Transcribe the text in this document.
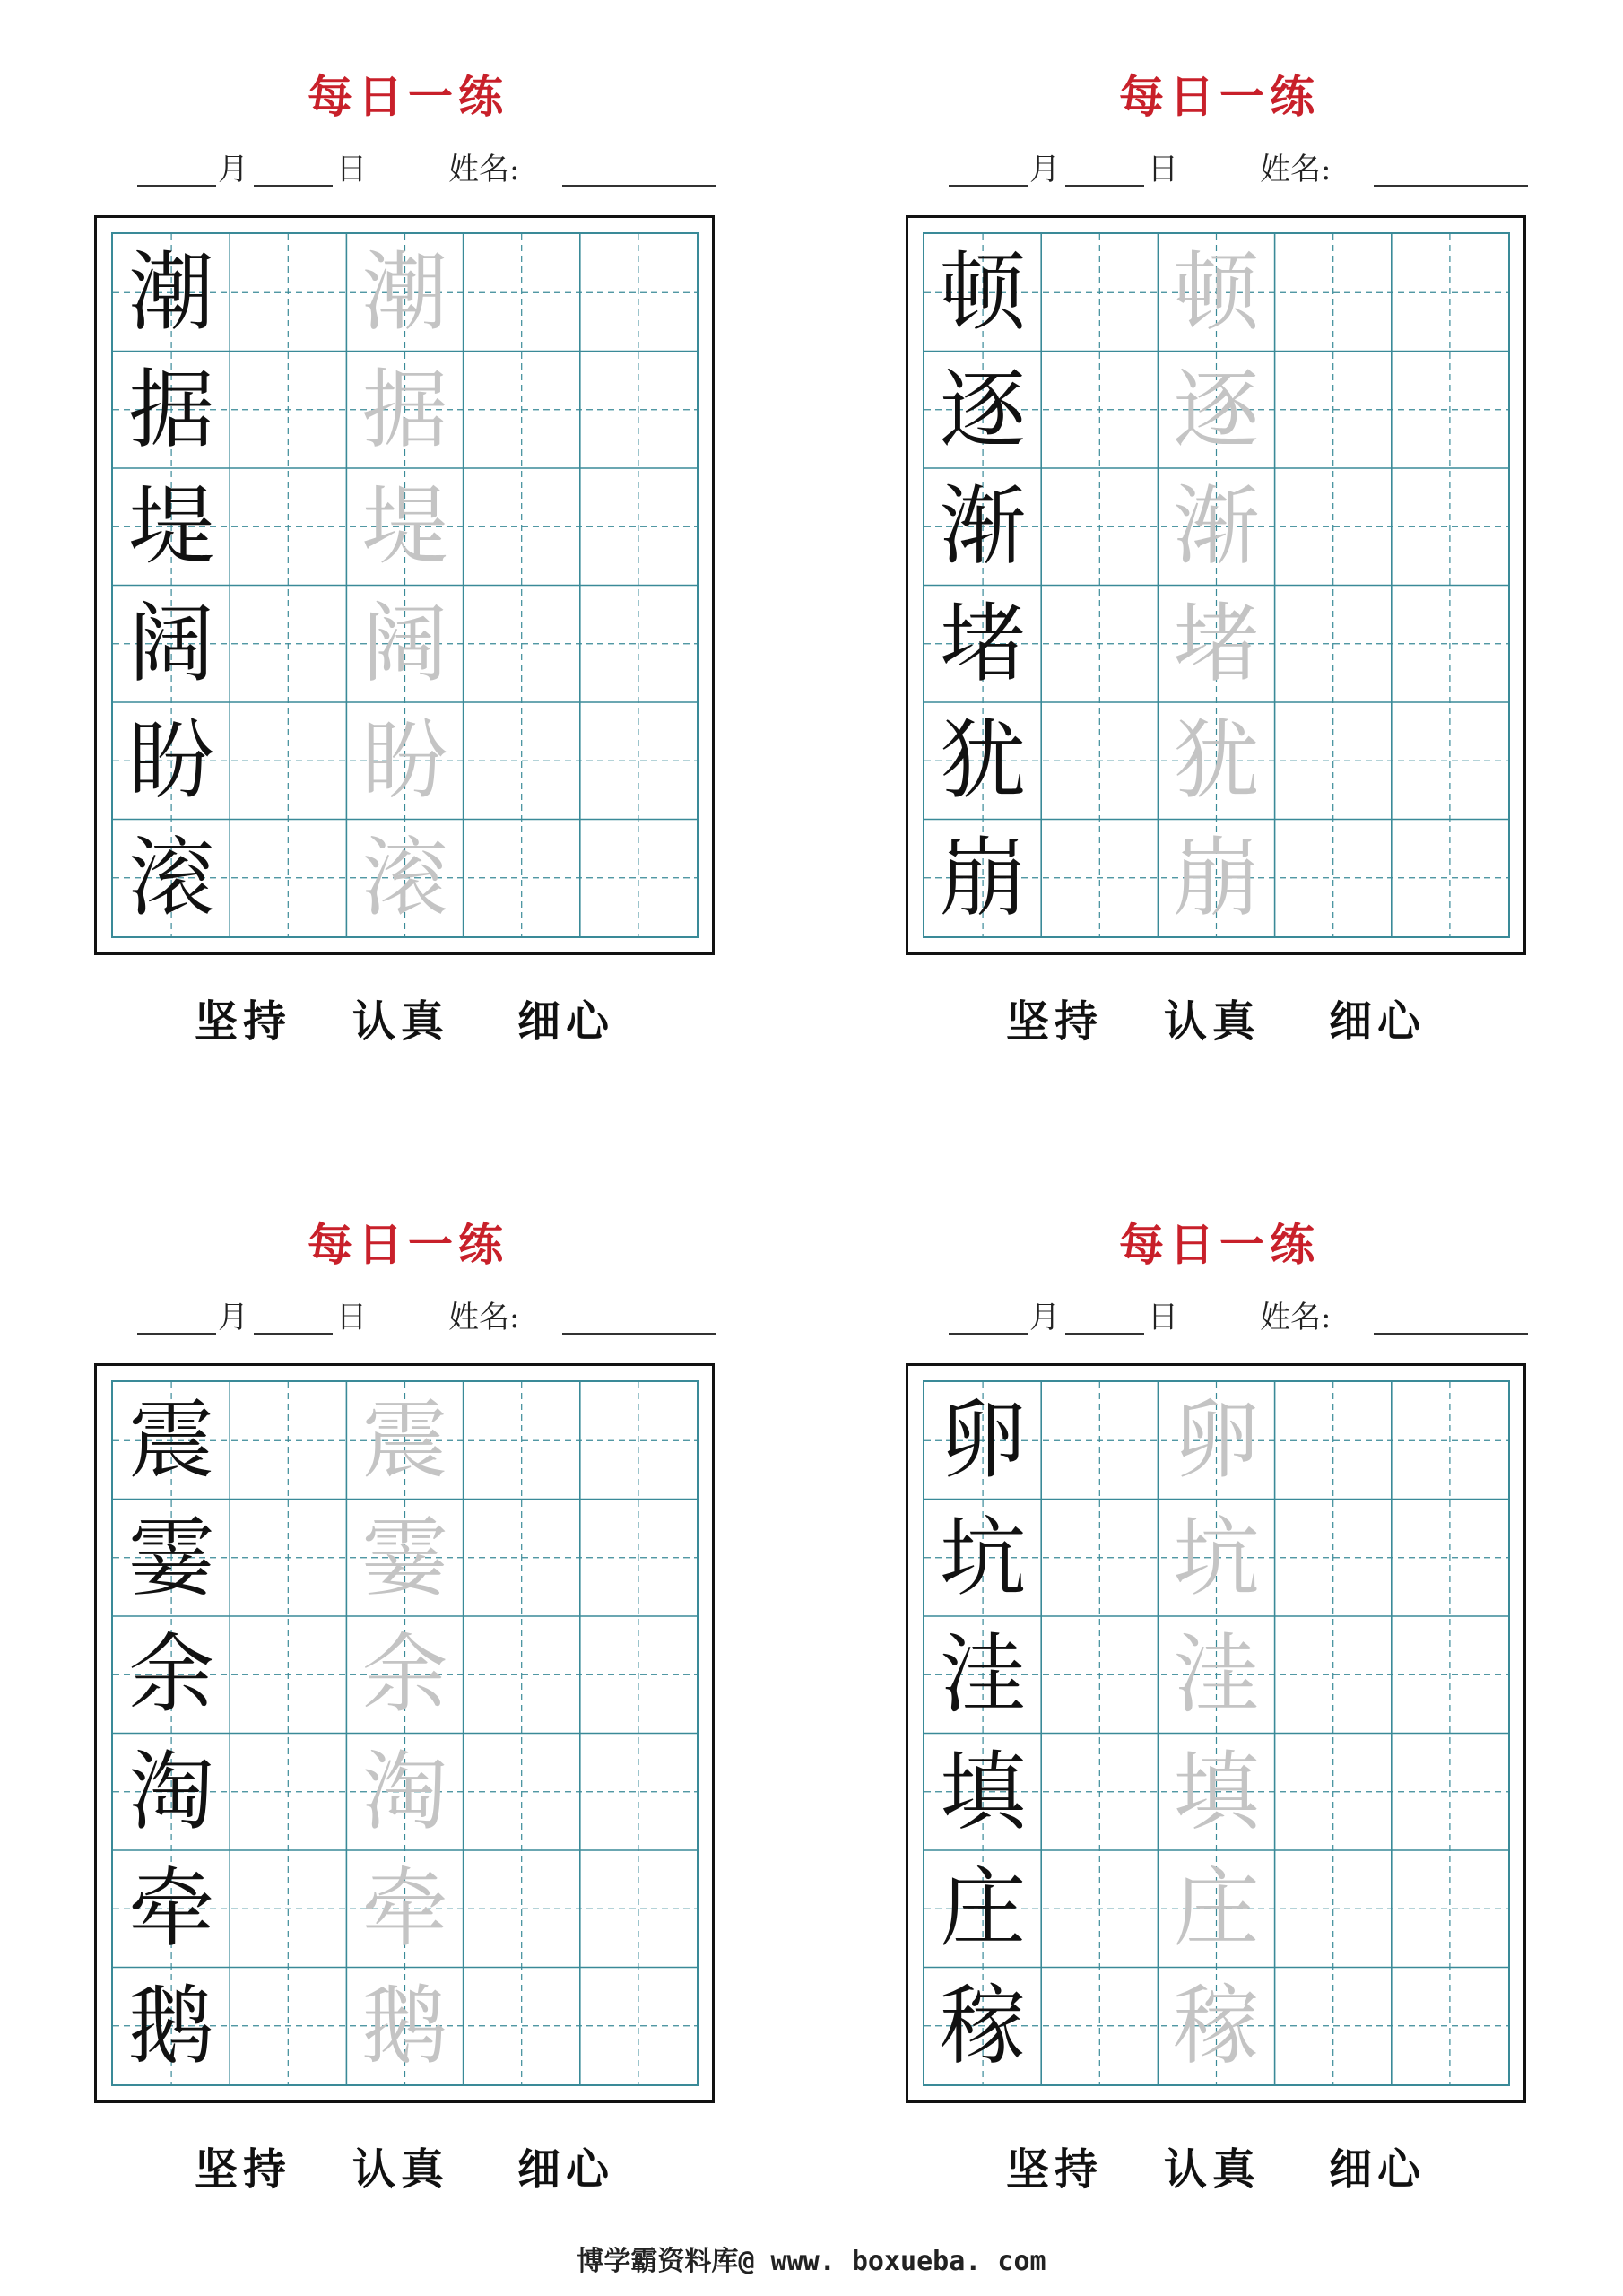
每日一练
月	日	姓名:
潮 潮
据 据
堤 堤
阔 阔
盼 盼
滚 滚
坚持 认真 细心
每日一练
月	日	姓名:
顿 顿
逐 逐
渐 渐
堵 堵
犹 犹
崩 崩
坚持 认真 细心
每日一练
月	日	姓名:
震 震
霎 霎
余 余
淘 淘
牵 牵
鹅 鹅
坚持 认真 细心
每日一练
月	日	姓名:
卵 卵
坑 坑
洼 洼
填 填
庄 庄
稼 稼
坚持 认真 细心
博学霸资料库@ www. boxueba. com
